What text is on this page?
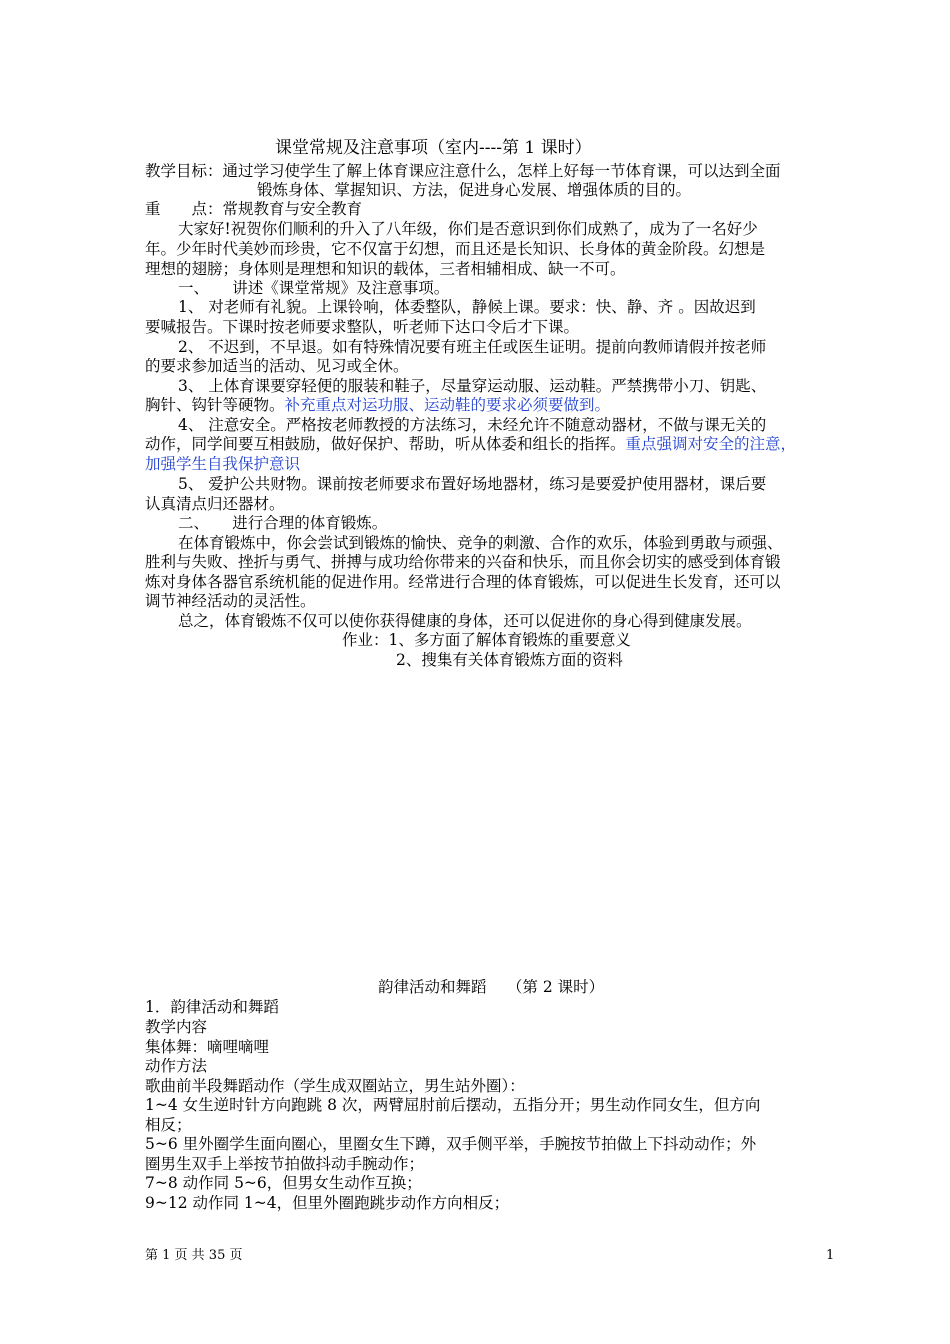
课堂常规及注意事项（室内----第 1 课时）
教学目标：通过学习使学生了解上体育课应注意什么，怎样上好每一节体育课，可以达到全面
锻炼身体、掌握知识、方法，促进身心发展、增强体质的目的。
重　　点：常规教育与安全教育
大家好!祝贺你们顺利的升入了八年级，你们是否意识到你们成熟了，成为了一名好少
年。少年时代美妙而珍贵，它不仅富于幻想，而且还是长知识、长身体的黄金阶段。幻想是
理想的翅膀；身体则是理想和知识的载体，三者相辅相成、缺一不可。
一、　　讲述《课堂常规》及注意事项。
1、 对老师有礼貌。上课铃响，体委整队，静候上课。要求：快、静、齐 。因故迟到
要喊报告。下课时按老师要求整队，听老师下达口令后才下课。
2、 不迟到，不早退。如有特殊情况要有班主任或医生证明。提前向教师请假并按老师
的要求参加适当的活动、见习或全休。
3、 上体育课要穿轻便的服装和鞋子，尽量穿运动服、运动鞋。严禁携带小刀、钥匙、
胸针、钩针等硬物。补充重点对运功服、运动鞋的要求必须要做到。
4、 注意安全。严格按老师教授的方法练习，未经允许不随意动器材，不做与课无关的
动作，同学间要互相鼓励，做好保护、帮助，听从体委和组长的指挥。重点强调对安全的注意，
加强学生自我保护意识
5、 爱护公共财物。课前按老师要求布置好场地器材，练习是要爱护使用器材，课后要
认真清点归还器材。
二、　　进行合理的体育锻炼。
在体育锻炼中，你会尝试到锻炼的愉快、竞争的刺激、合作的欢乐，体验到勇敢与顽强、
胜利与失败、挫折与勇气、拼搏与成功给你带来的兴奋和快乐，而且你会切实的感受到体育锻
炼对身体各器官系统机能的促进作用。经常进行合理的体育锻炼，可以促进生长发育，还可以
调节神经活动的灵活性。
总之，体育锻炼不仅可以使你获得健康的身体，还可以促进你的身心得到健康发展。
作业：1、多方面了解体育锻炼的重要意义
2、搜集有关体育锻炼方面的资料
韵律活动和舞蹈　 （第 2 课时）
1．韵律活动和舞蹈
教学内容
集体舞：嘀哩嘀哩
动作方法
歌曲前半段舞蹈动作（学生成双圈站立，男生站外圈）：
1~4 女生逆时针方向跑跳 8 次，两臂屈肘前后摆动，五指分开；男生动作同女生，但方向
相反；
5~6 里外圈学生面向圈心，里圈女生下蹲，双手侧平举，手腕按节拍做上下抖动动作；外
圈男生双手上举按节拍做抖动手腕动作；
7~8 动作同 5~6，但男女生动作互换；
9~12 动作同 1~4，但里外圈跑跳步动作方向相反；
第 1 页 共 35 页	1
